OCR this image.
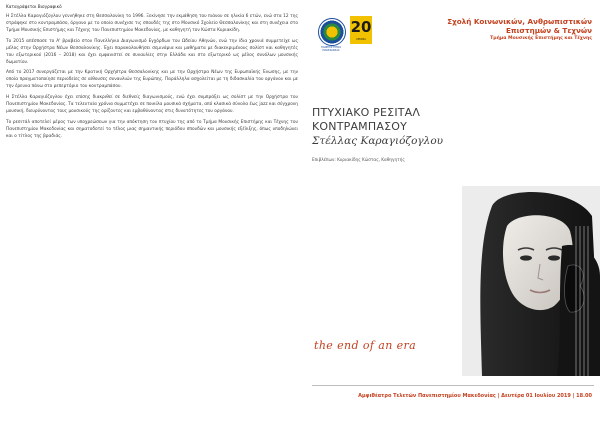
Καταγράφεται Βιογραφικό

Η Στέλλα Καραγιόζογλου γεννήθηκε στη Θεσσαλονίκη το 1996. Ξεκίνησε την εκμάθηση του πιάνου σε ηλικία 6 ετών, ενώ στα 12 της στράφηκε στο κοντραμπάσο, όργανο με το οποίο συνέχισε τις σπουδές της στο Μουσικό Σχολείο Θεσσαλονίκης και στη συνέχεια στο Τμήμα Μουσικής Επιστήμης και Τέχνης του Πανεπιστημίου Μακεδονίας, με καθηγητή τον Κώστα Κυριακίδη.

Το 2015 απέσπασε το Α' βραβείο στον Πανελλήνιο Διαγωνισμό Εγχόρδων του Ωδείου Αθηνών, ενώ την ίδια χρονιά συμμετείχε ως μέλος στην Ορχήστρα Νέων Θεσσαλονίκης. Έχει παρακολουθήσει σεμινάρια και μαθήματα με διακεκριμένους σολίστ και καθηγητές του εξωτερικού (2016 – 2018) και έχει εμφανιστεί σε συναυλίες στην Ελλάδα και στο εξωτερικό ως μέλος συνόλων μουσικής δωματίου.

Από το 2017 συνεργάζεται με την Κρατική Ορχήστρα Θεσσαλονίκης και με την Ορχήστρα Νέων της Ευρωπαϊκής Ένωσης, με την οποία πραγματοποίησε περιοδείες σε αίθουσες συναυλιών της Ευρώπης. Παράλληλα ασχολείται με τη διδασκαλία του οργάνου και με την έρευνα πάνω στο ρεπερτόριο του κοντραμπάσου.

Η Στέλλα Καραγιόζογλου έχει επίσης διακριθεί σε διεθνείς διαγωνισμούς, ενώ έχει συμπράξει ως σολίστ με την Ορχήστρα του Πανεπιστημίου Μακεδονίας. Τα τελευταία χρόνια συμμετέχει σε ποικίλα μουσικά σχήματα, από κλασικά σύνολα έως jazz και σύγχρονη μουσική, διευρύνοντας τους μουσικούς της ορίζοντες και εμβαθύνοντας στις δυνατότητες του οργάνου.

Το ρεσιτάλ αποτελεί μέρος των υποχρεώσεων για την απόκτηση του πτυχίου της από το Τμήμα Μουσικής Επιστήμης και Τέχνης του Πανεπιστημίου Μακεδονίας και σηματοδοτεί το τέλος μιας σημαντικής περιόδου σπουδών και μουσικής εξέλιξης, όπως υποδηλώνει και ο τίτλος της βραδιάς.

ΠΑΝΕΠΙΣΤΗΜΙΟ ΜΑΚΕΔΟΝΙΑΣ
20
ΧΡΟΝΙΑ
Σχολή Κοινωνικών, Ανθρωπιστικών
Επιστημών & Τεχνών
Τμήμα Μουσικής Επιστήμης και Τέχνης
ΠΤΥΧΙΑΚΟ ΡΕΣΙΤΑΛ
ΚΟΝΤΡΑΜΠΑΣΟΥ
Στέλλας Καραγιόζογλου
Επιβλέπων: Κυριακίδης Κώστας, Καθηγητής
the end of an era
Αμφιθέατρο Τελετών Πανεπιστημίου Μακεδονίας | Δευτέρα 01 Ιουλίου 2019 | 18.00
